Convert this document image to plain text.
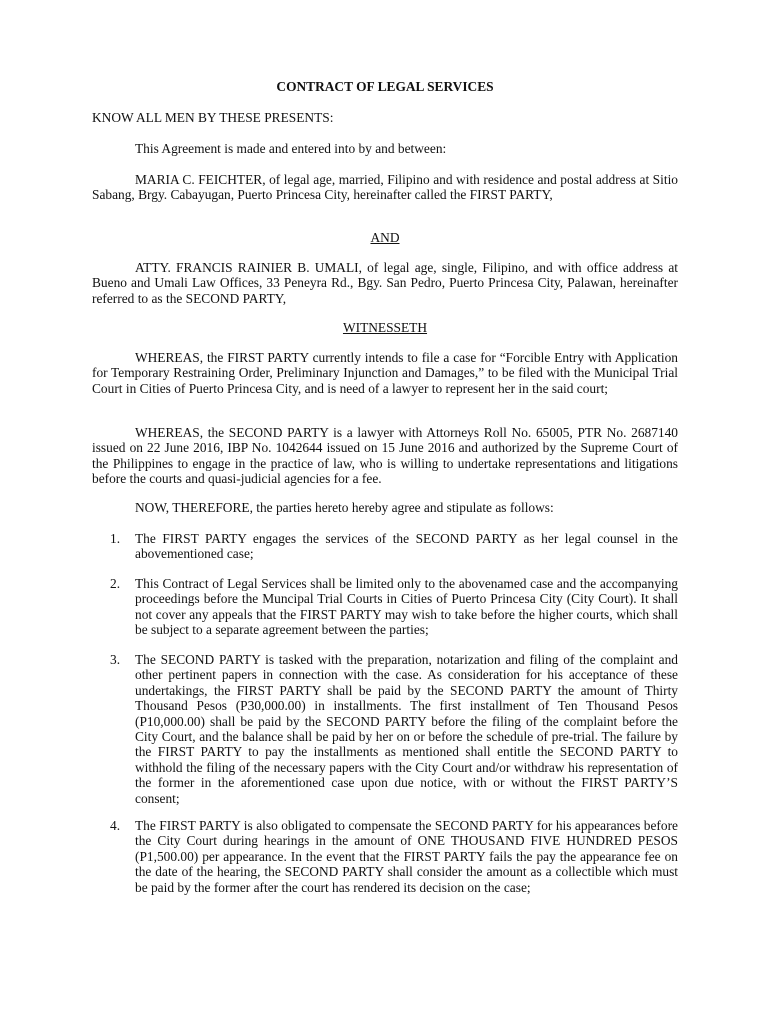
CONTRACT OF LEGAL SERVICES
KNOW ALL MEN BY THESE PRESENTS:
This Agreement is made and entered into by and between:
MARIA C. FEICHTER, of legal age, married, Filipino and with residence and postal address at Sitio Sabang, Brgy. Cabayugan, Puerto Princesa City, hereinafter called the FIRST PARTY,
AND
ATTY. FRANCIS RAINIER B. UMALI, of legal age, single, Filipino, and with office address at Bueno and Umali Law Offices, 33 Peneyra Rd., Bgy. San Pedro, Puerto Princesa City, Palawan, hereinafter referred to as the SECOND PARTY,
WITNESSETH
WHEREAS, the FIRST PARTY currently intends to file a case for “Forcible Entry with Application for Temporary Restraining Order, Preliminary Injunction and Damages,” to be filed with the Municipal Trial Court in Cities of Puerto Princesa City, and is need of a lawyer to represent her in the said court;
WHEREAS, the SECOND PARTY is a lawyer with Attorneys Roll No. 65005, PTR No. 2687140 issued on 22 June 2016, IBP No. 1042644 issued on 15 June 2016 and authorized by the Supreme Court of the Philippines to engage in the practice of law, who is willing to undertake representations and litigations before the courts and quasi-judicial agencies for a fee.
NOW, THEREFORE, the parties hereto hereby agree and stipulate as follows:
1. The FIRST PARTY engages the services of the SECOND PARTY as her legal counsel in the abovementioned case;
2. This Contract of Legal Services shall be limited only to the abovenamed case and the accompanying proceedings before the Muncipal Trial Courts in Cities of Puerto Princesa City (City Court). It shall not cover any appeals that the FIRST PARTY may wish to take before the higher courts, which shall be subject to a separate agreement between the parties;
3. The SECOND PARTY is tasked with the preparation, notarization and filing of the complaint and other pertinent papers in connection with the case. As consideration for his acceptance of these undertakings, the FIRST PARTY shall be paid by the SECOND PARTY the amount of Thirty Thousand Pesos (P30,000.00) in installments. The first installment of Ten Thousand Pesos (P10,000.00) shall be paid by the SECOND PARTY before the filing of the complaint before the City Court, and the balance shall be paid by her on or before the schedule of pre-trial. The failure by the FIRST PARTY to pay the installments as mentioned shall entitle the SECOND PARTY to withhold the filing of the necessary papers with the City Court and/or withdraw his representation of the former in the aforementioned case upon due notice, with or without the FIRST PARTY’S consent;
4. The FIRST PARTY is also obligated to compensate the SECOND PARTY for his appearances before the City Court during hearings in the amount of ONE THOUSAND FIVE HUNDRED PESOS (P1,500.00) per appearance. In the event that the FIRST PARTY fails the pay the appearance fee on the date of the hearing, the SECOND PARTY shall consider the amount as a collectible which must be paid by the former after the court has rendered its decision on the case;
